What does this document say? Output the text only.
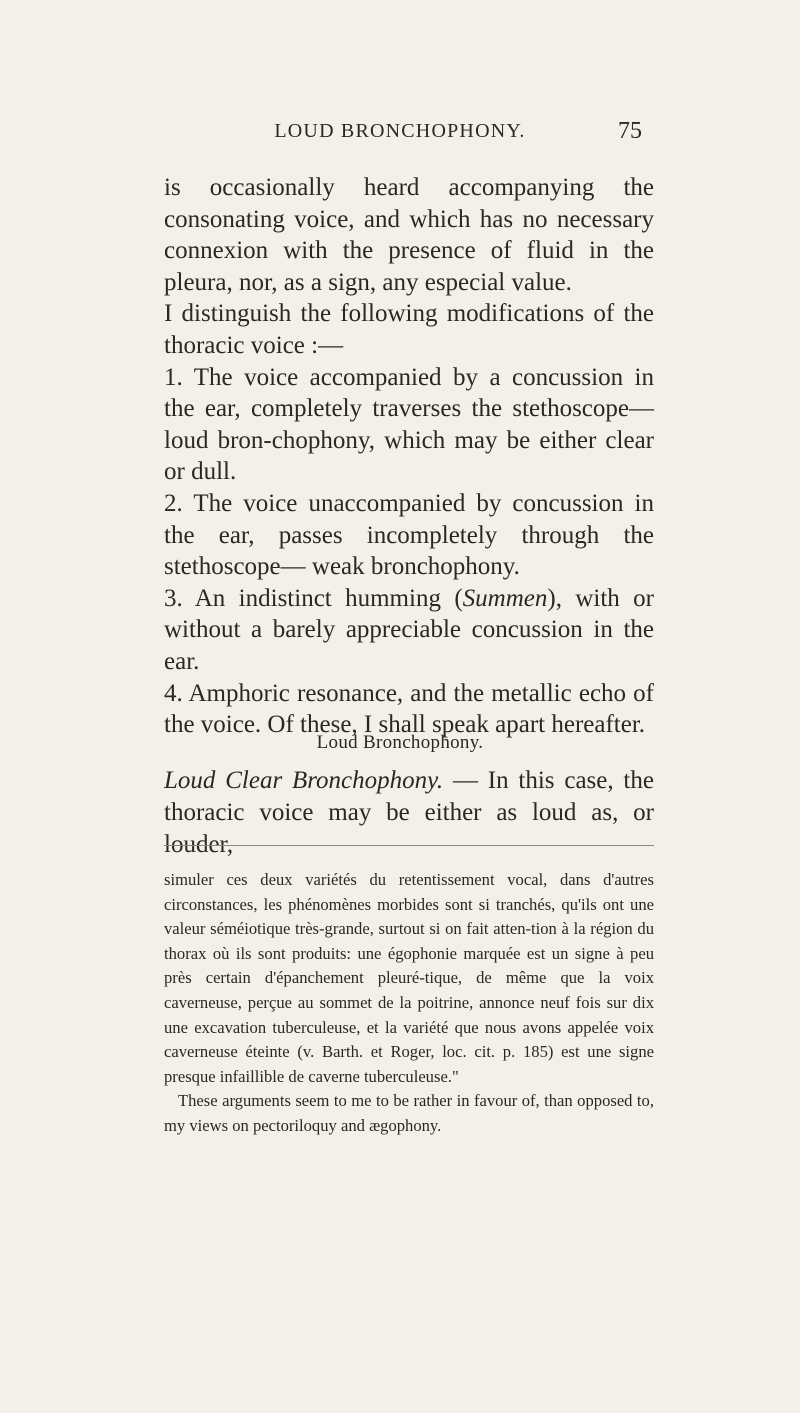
LOUD BRONCHOPHONY.	75

is occasionally heard accompanying the consonating voice, and which has no necessary connexion with the presence of fluid in the pleura, nor, as a sign, any especial value.

I distinguish the following modifications of the thoracic voice :—

1. The voice accompanied by a concussion in the ear, completely traverses the stethoscope—loud bron-chophony, which may be either clear or dull.

2. The voice unaccompanied by concussion in the ear, passes incompletely through the stethoscope— weak bronchophony.

3. An indistinct humming (Summen), with or without a barely appreciable concussion in the ear.

4. Amphoric resonance, and the metallic echo of the voice. Of these, I shall speak apart hereafter.

Loud Bronchophony.

Loud Clear Bronchophony. — In this case, the thoracic voice may be either as loud as, or louder,

simuler ces deux variétés du retentissement vocal, dans d'autres circonstances, les phénomènes morbides sont si tranchés, qu'ils ont une valeur séméiotique très-grande, surtout si on fait atten-tion à la région du thorax où ils sont produits: une égophonie marquée est un signe à peu près certain d'épanchement pleuré-tique, de même que la voix caverneuse, perçue au sommet de la poitrine, annonce neuf fois sur dix une excavation tuberculeuse, et la variété que nous avons appelée voix caverneuse éteinte (v. Barth. et Roger, loc. cit. p. 185) est une signe presque infaillible de caverne tuberculeuse."

These arguments seem to me to be rather in favour of, than opposed to, my views on pectoriloquy and ægophony.
